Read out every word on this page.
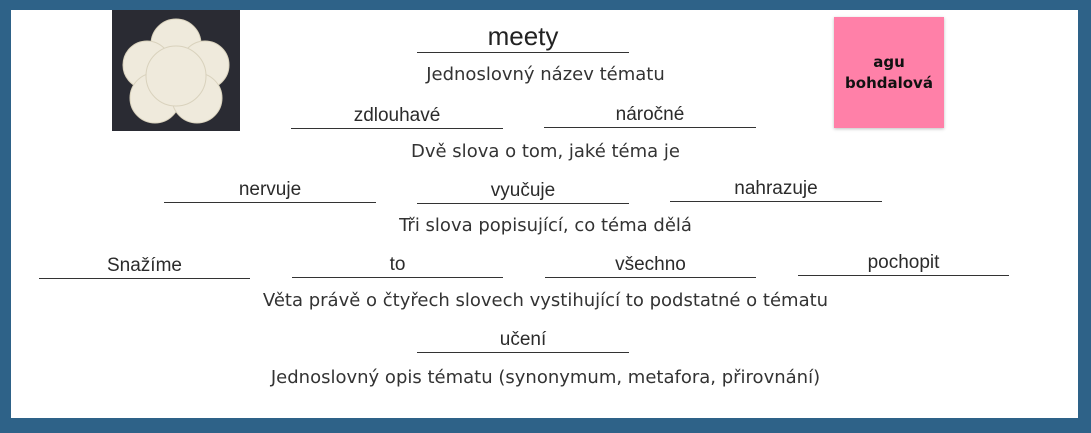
agu
bohdalová
meety
Jednoslovný název tématu
zdlouhavé	náročné
Dvě slova o tom, jaké téma je
nervuje	vyučuje	nahrazuje
Tři slova popisující, co téma dělá
Snažíme	to	všechno	pochopit
Věta právě o čtyřech slovech vystihující to podstatné o tématu
učení
Jednoslovný opis tématu (synonymum, metafora, přirovnání)
